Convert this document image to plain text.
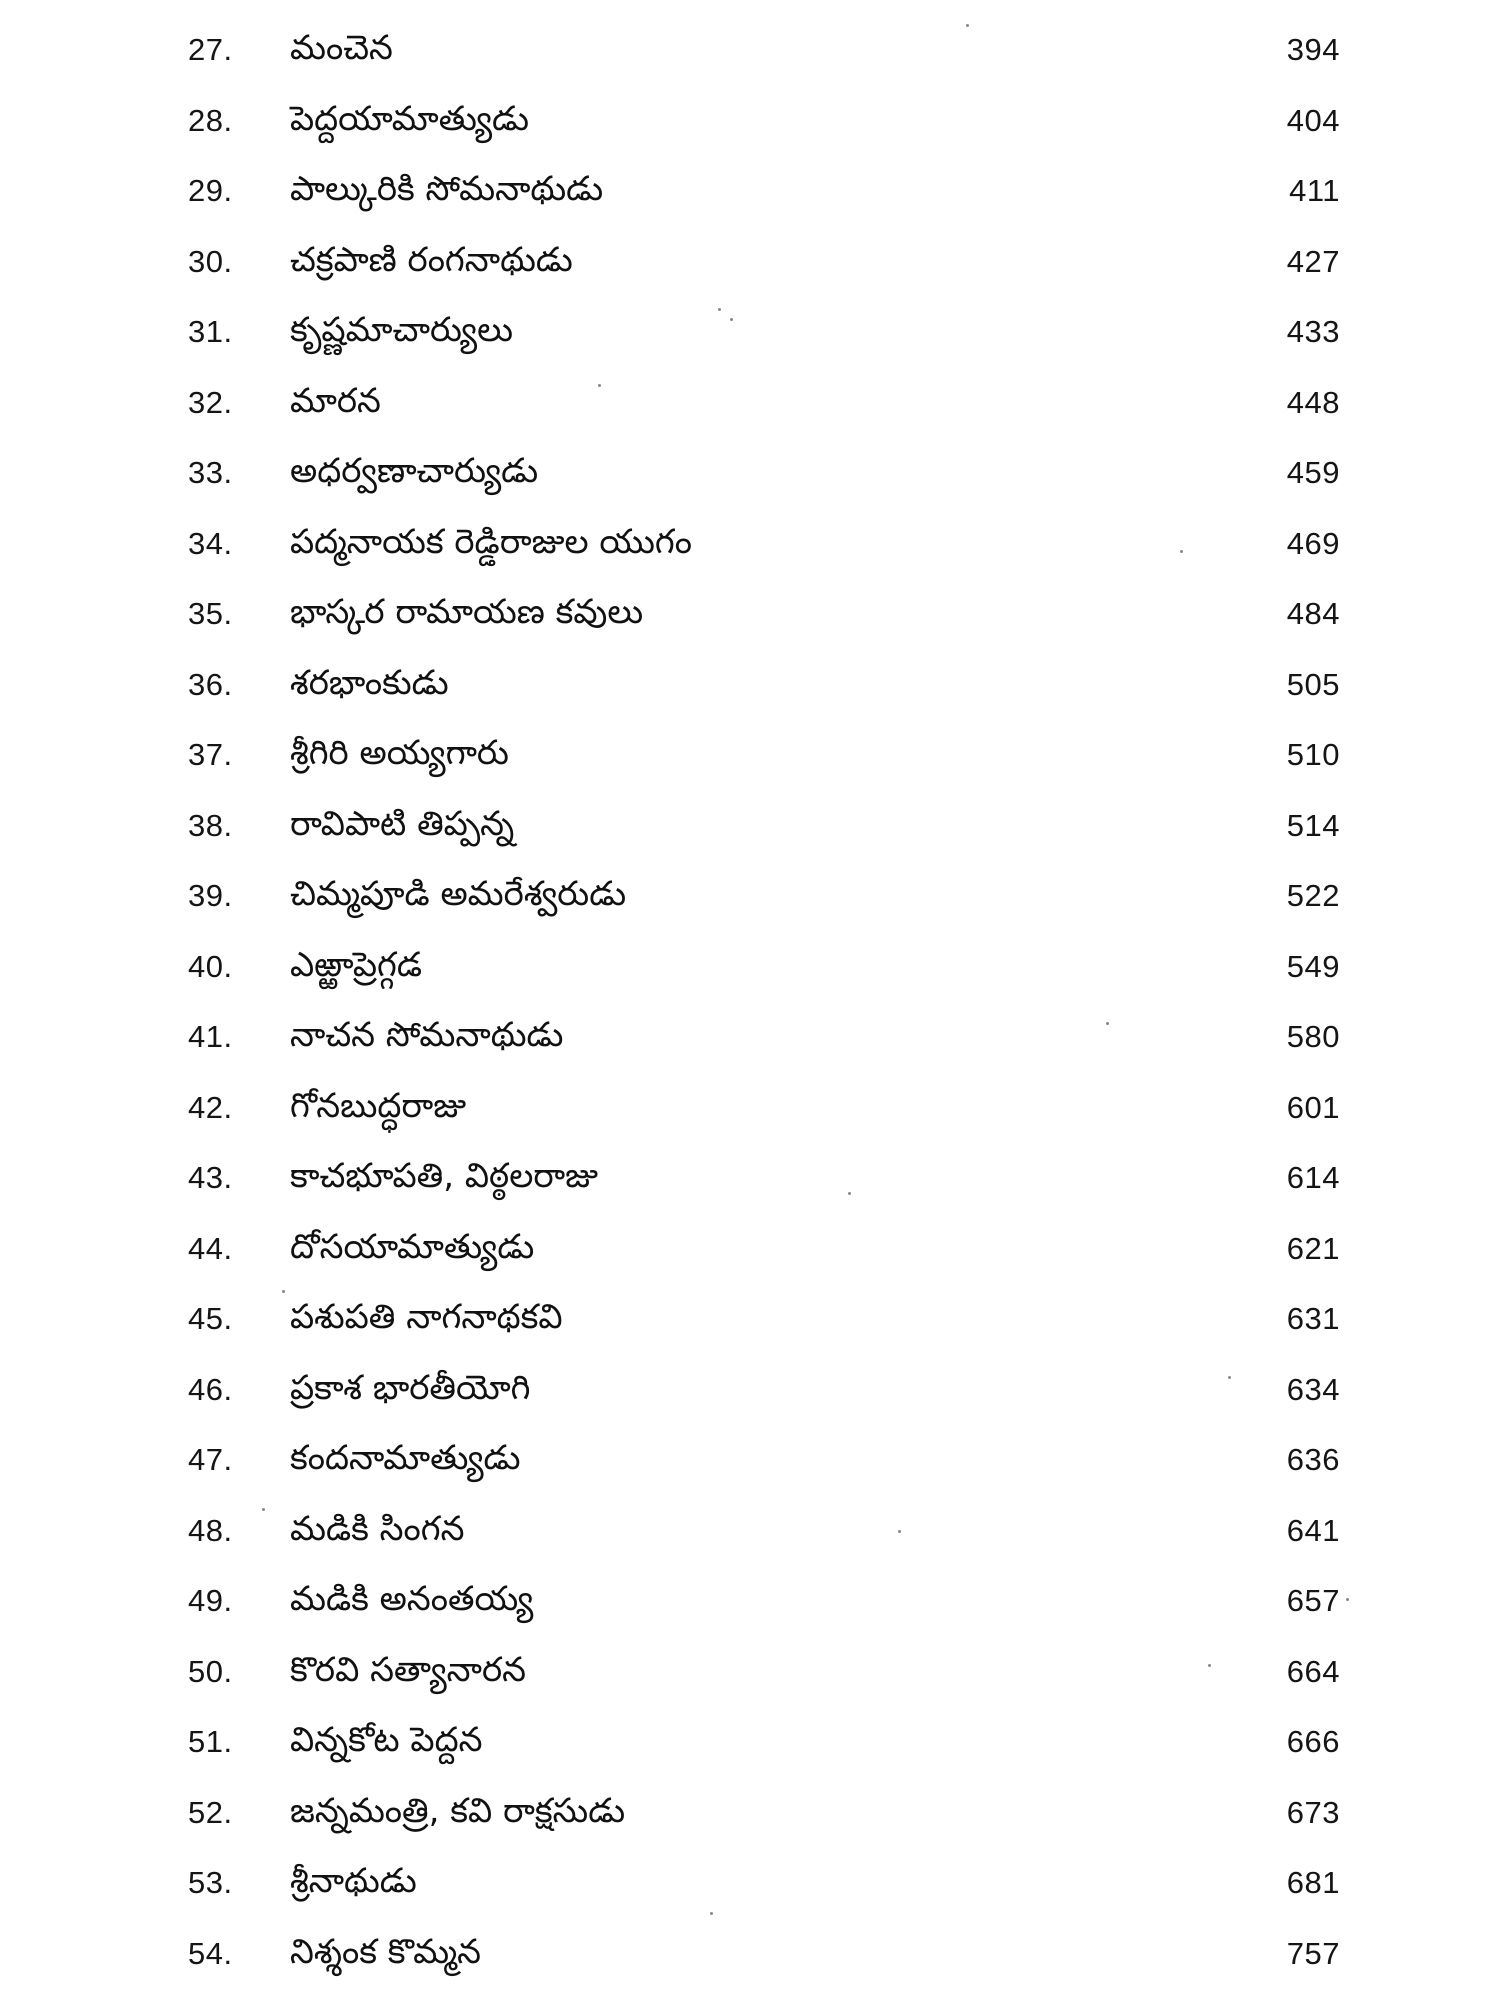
27. మంచెన	394
28. పెద్దయామాత్యుడు	404
29. పాల్కురికి సోమనాథుడు	411
30. చక్రపాణి రంగనాథుడు	427
31. కృష్ణమాచార్యులు	433
32. మారన	448
33. అధర్వణాచార్యుడు	459
34. పద్మనాయక రెడ్డిరాజుల యుగం	469
35. భాస్కర రామాయణ కవులు	484
36. శరభాంకుడు	505
37. శ్రీగిరి అయ్యగారు	510
38. రావిపాటి తిప్పన్న	514
39. చిమ్మపూడి అమరేశ్వరుడు	522
40. ఎఱ్ఱాప్రెగ్గడ	549
41. నాచన సోమనాథుడు	580
42. గోనబుద్ధరాజు	601
43. కాచభూపతి, విఠ్ఠలరాజు	614
44. దోసయామాత్యుడు	621
45. పశుపతి నాగనాథకవి	631
46. ప్రకాశ భారతీయోగి	634
47. కందనామాత్యుడు	636
48. మడికి సింగన	641
49. మడికి అనంతయ్య	657
50. కొరవి సత్యానారన	664
51. విన్నకోట పెద్దన	666
52. జన్నమంత్రి, కవి రాక్షసుడు	673
53. శ్రీనాథుడు	681
54. నిశ్శంక కొమ్మన	757
